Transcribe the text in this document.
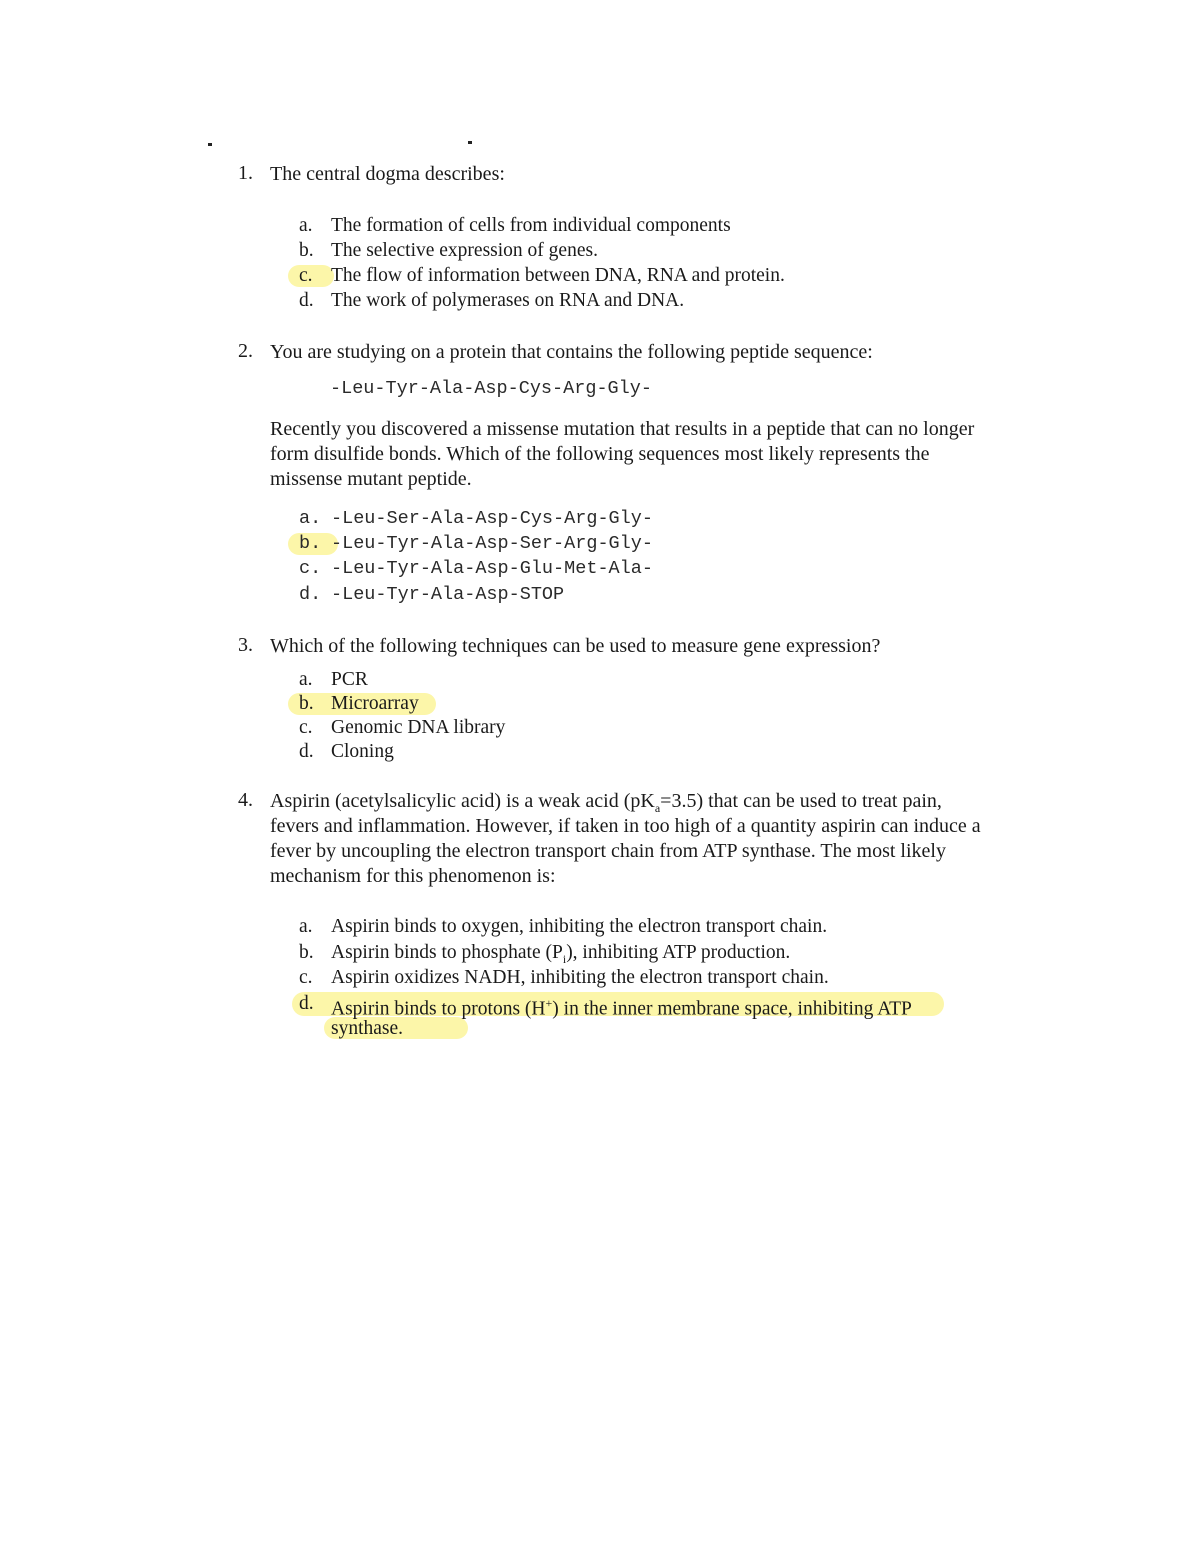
1. The central dogma describes:
a. The formation of cells from individual components
b. The selective expression of genes.
c. The flow of information between DNA, RNA and protein.
d. The work of polymerases on RNA and DNA.
2. You are studying on a protein that contains the following peptide sequence:
-Leu-Tyr-Ala-Asp-Cys-Arg-Gly-
Recently you discovered a missense mutation that results in a peptide that can no longer form disulfide bonds. Which of the following sequences most likely represents the missense mutant peptide.
a. -Leu-Ser-Ala-Asp-Cys-Arg-Gly-
b. -Leu-Tyr-Ala-Asp-Ser-Arg-Gly-
c. -Leu-Tyr-Ala-Asp-Glu-Met-Ala-
d. -Leu-Tyr-Ala-Asp-STOP
3. Which of the following techniques can be used to measure gene expression?
a. PCR
b. Microarray
c. Genomic DNA library
d. Cloning
4. Aspirin (acetylsalicylic acid) is a weak acid $(pK_a=3.5)$ that can be used to treat pain,
fevers and inflammation. However, if taken in too high of a quantity aspirin can induce a fever by uncoupling the electron transport chain from ATP synthase. The most likely mechanism for this phenomenon is:
a. Aspirin binds to oxygen, inhibiting the electron transport chain.
b. Aspirin binds to phosphate $(P_i)$, inhibiting ATP production.
c. Aspirin oxidizes NADH, inhibiting the electron transport chain.
d. Aspirin binds to protons (H+) in the inner membrane space, inhibiting ATP
synthase.
